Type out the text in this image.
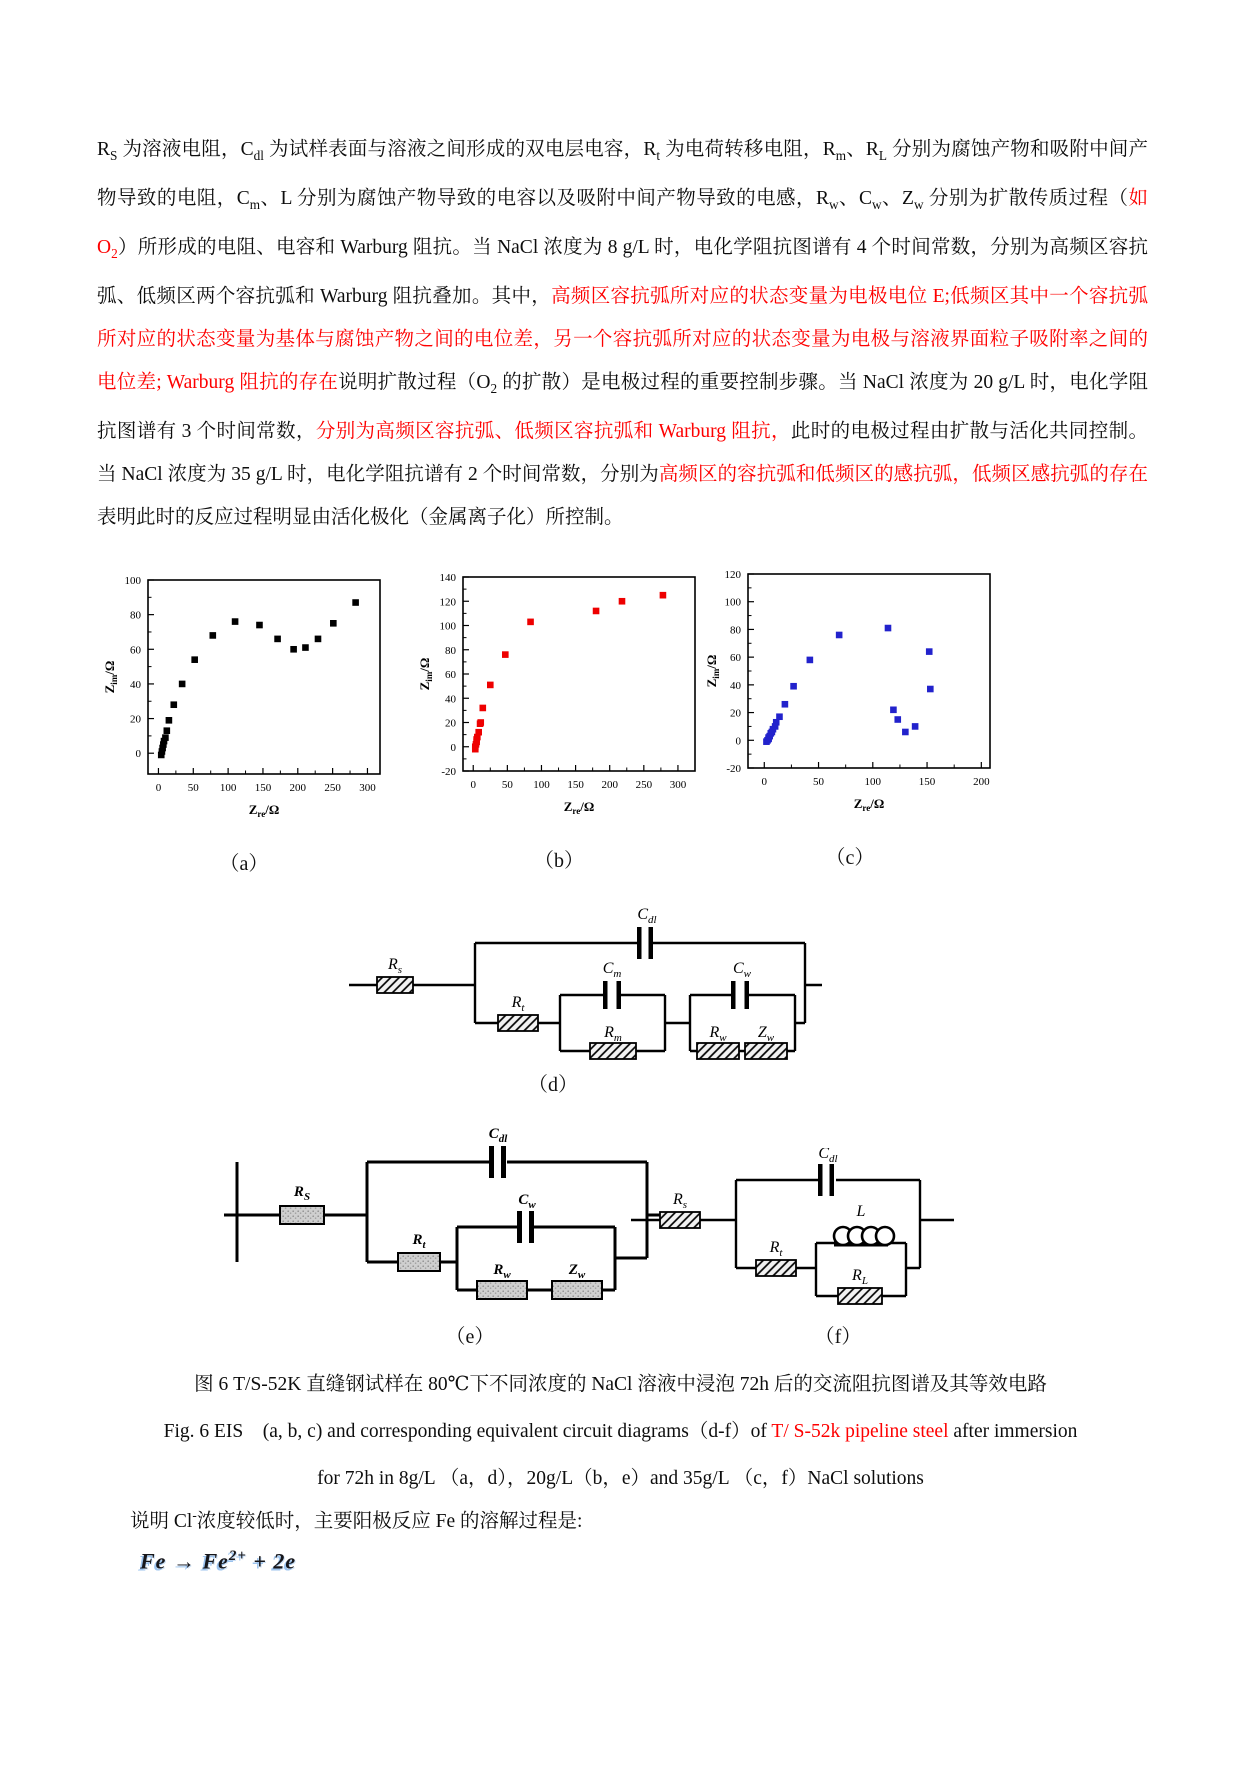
$R_S$ 为溶液电阻，$C_{dl}$ 为试样表面与溶液之间形成的双电层电容，$R_t$ 为电荷转移电阻，$R_m$、$R_L$ 分别为腐蚀产物和吸附中间产物导致的电阻，$C_m$、L 分别为腐蚀产物导致的电容以及吸附中间产物导致的电感，$R_w$、$C_w$、$Z_w$ 分别为扩散传质过程（如 $O_2$）所形成的电阻、电容和 Warburg 阻抗。当 NaCl 浓度为 8 g/L 时，电化学阻抗图谱有 4 个时间常数，分别为高频区容抗弧、低频区两个容抗弧和 Warburg 阻抗叠加。其中，高频区容抗弧所对应的状态变量为电极电位 E;低频区其中一个容抗弧所对应的状态变量为基体与腐蚀产物之间的电位差，另一个容抗弧所对应的状态变量为电极与溶液界面粒子吸附率之间的电位差; Warburg 阻抗的存在说明扩散过程（$O_2$ 的扩散）是电极过程的重要控制步骤。当 NaCl 浓度为 20 g/L 时，电化学阻抗图谱有 3 个时间常数，分别为高频区容抗弧、低频区容抗弧和 Warburg 阻抗，此时的电极过程由扩散与活化共同控制。当 NaCl 浓度为 35 g/L 时，电化学阻抗谱有 2 个时间常数，分别为高频区的容抗弧和低频区的感抗弧，低频区感抗弧的存在表明此时的反应过程明显由活化极化（金属离子化）所控制。
0 50 100 150 200 250 300
0
20
40
60
80
100
$Z_{re}/\Omega$
$Z_{im}/\Omega$
（a）
0 50 100 150 200 250 300
-20
0
20
40
60
80
100
120
140
$Z_{re}/\Omega$
$Z_{im}/\Omega$
（b）
0	50	100	150	200
-20
0
20
40
60
80
100
120
$Z_{re}/\Omega$
$Z_{im}/\Omega$
（c）
$R_s$
$C_{dl}$
$R_t$
$C_m$
$R_m$
$C_w$
$R_w$ $Z_w$
（d）
$R_S$
$C_{dl}$
$R_t$
$C_w$
$R_w$	$Z_w$
（e）
$R_s$
$C_{dl}$
$R_t$
L
$R_L$
（f）
图 6 T/S-52K 直缝钢试样在 80℃下不同浓度的 NaCl 溶液中浸泡 72h 后的交流阻抗图谱及其等效电路
Fig. 6 EIS　(a, b, c) and corresponding equivalent circuit diagrams（d-f）of T/ S-52k pipeline steel after immersion
for 72h in 8g/L （a，d），20g/L（b，e）and 35g/L （c，f）NaCl solutions
说明 Cl-浓度较低时，主要阳极反应 Fe 的溶解过程是:
$Fe \to Fe^{2+} + 2e$
